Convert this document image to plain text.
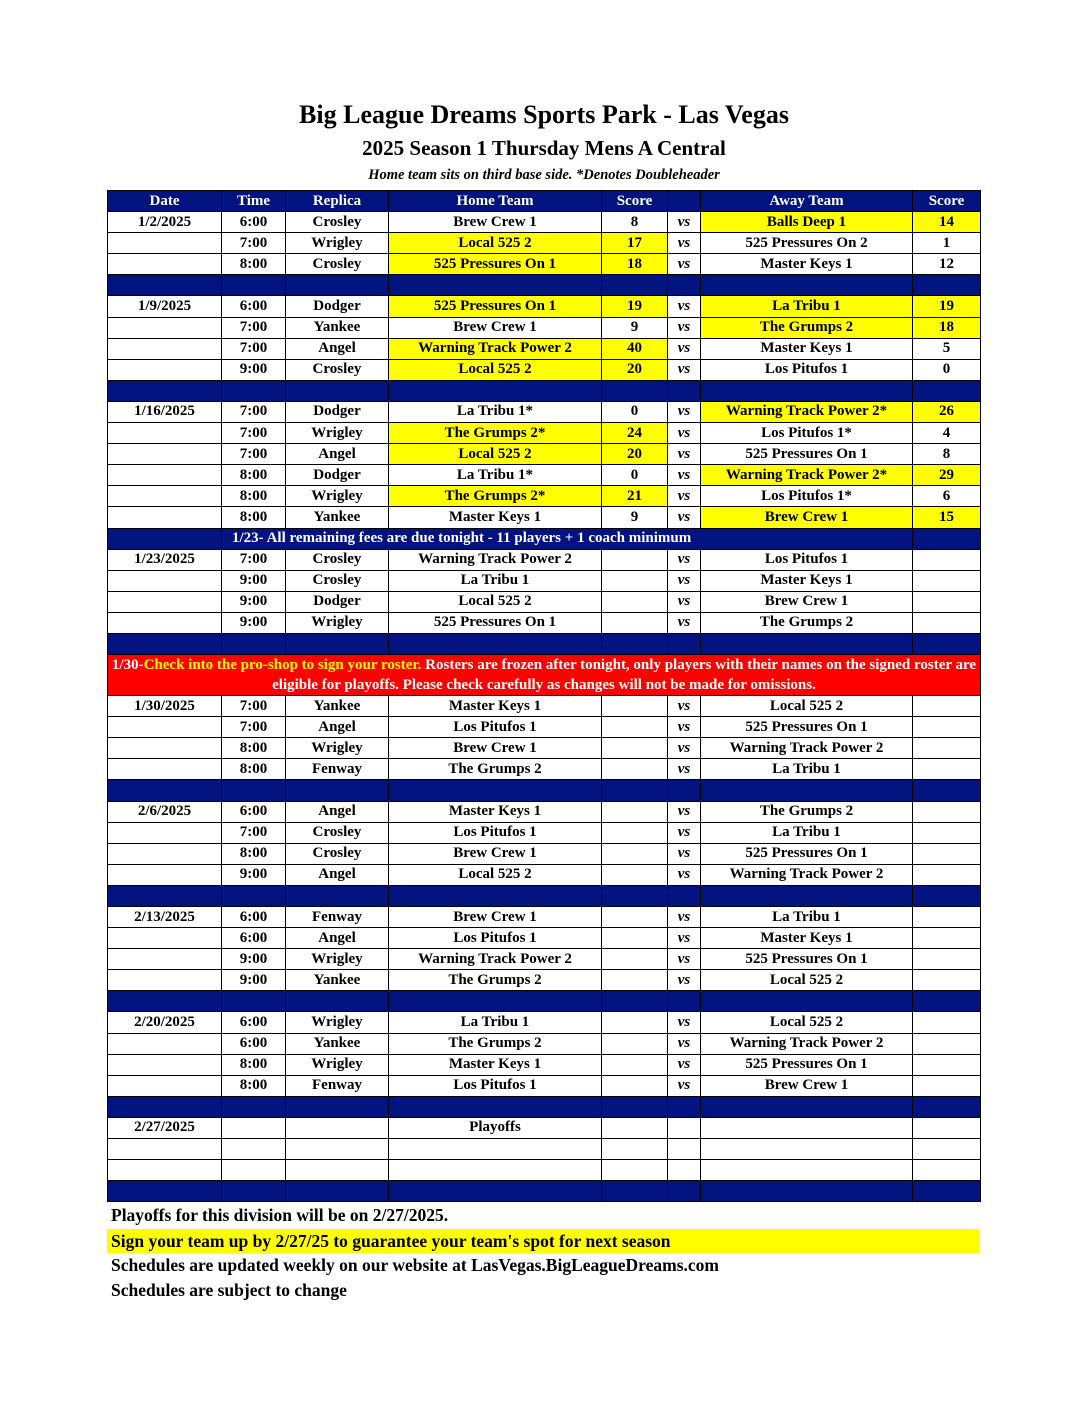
Big League Dreams Sports Park - Las Vegas
2025 Season 1 Thursday Mens A Central
Home team sits on third base side. *Denotes Doubleheader
Date	Time	Replica	Home Team	Score		Away Team	Score
1/2/2025	6:00	Crosley	Brew Crew 1	8	vs	Balls Deep 1	14
	7:00	Wrigley	Local 525 2	17	vs	525 Pressures On 2	1
	8:00	Crosley	525 Pressures On 1	18	vs	Master Keys 1	12

1/9/2025	6:00	Dodger	525 Pressures On 1	19	vs	La Tribu 1	19
	7:00	Yankee	Brew Crew 1	9	vs	The Grumps 2	18
	7:00	Angel	Warning Track Power 2	40	vs	Master Keys 1	5
	9:00	Crosley	Local 525 2	20	vs	Los Pitufos 1	0

1/16/2025	7:00	Dodger	La Tribu 1*	0	vs	Warning Track Power 2*	26
	7:00	Wrigley	The Grumps 2*	24	vs	Los Pitufos 1*	4
	7:00	Angel	Local 525 2	20	vs	525 Pressures On 1	8
	8:00	Dodger	La Tribu 1*	0	vs	Warning Track Power 2*	29
	8:00	Wrigley	The Grumps 2*	21	vs	Los Pitufos 1*	6
	8:00	Yankee	Master Keys 1	9	vs	Brew Crew 1	15
	1/23- All remaining fees are due tonight - 11 players + 1 coach minimum						
1/23/2025	7:00	Crosley	Warning Track Power 2		vs	Los Pitufos 1	
	9:00	Crosley	La Tribu 1		vs	Master Keys 1	
	9:00	Dodger	Local 525 2		vs	Brew Crew 1	
	9:00	Wrigley	525 Pressures On 1		vs	The Grumps 2	

1/30-Check into the pro-shop to sign your roster. Rosters are frozen after tonight, only players with their names on the signed roster are eligible for playoffs. Please check carefully as changes will not be made for omissions.							
1/30/2025	7:00	Yankee	Master Keys 1		vs	Local 525 2	
	7:00	Angel	Los Pitufos 1		vs	525 Pressures On 1	
	8:00	Wrigley	Brew Crew 1		vs	Warning Track Power 2	
	8:00	Fenway	The Grumps 2		vs	La Tribu 1	

2/6/2025	6:00	Angel	Master Keys 1		vs	The Grumps 2	
	7:00	Crosley	Los Pitufos 1		vs	La Tribu 1	
	8:00	Crosley	Brew Crew 1		vs	525 Pressures On 1	
	9:00	Angel	Local 525 2		vs	Warning Track Power 2	

2/13/2025	6:00	Fenway	Brew Crew 1		vs	La Tribu 1	
	6:00	Angel	Los Pitufos 1		vs	Master Keys 1	
	9:00	Wrigley	Warning Track Power 2		vs	525 Pressures On 1	
	9:00	Yankee	The Grumps 2		vs	Local 525 2	

2/20/2025	6:00	Wrigley	La Tribu 1		vs	Local 525 2	
	6:00	Yankee	The Grumps 2		vs	Warning Track Power 2	
	8:00	Wrigley	Master Keys 1		vs	525 Pressures On 1	
	8:00	Fenway	Los Pitufos 1		vs	Brew Crew 1	

2/27/2025			Playoffs				

Playoffs for this division will be on 2/27/2025.
Sign your team up by 2/27/25 to guarantee your team's spot for next season
Schedules are updated weekly on our website at LasVegas.BigLeagueDreams.com
Schedules are subject to change
